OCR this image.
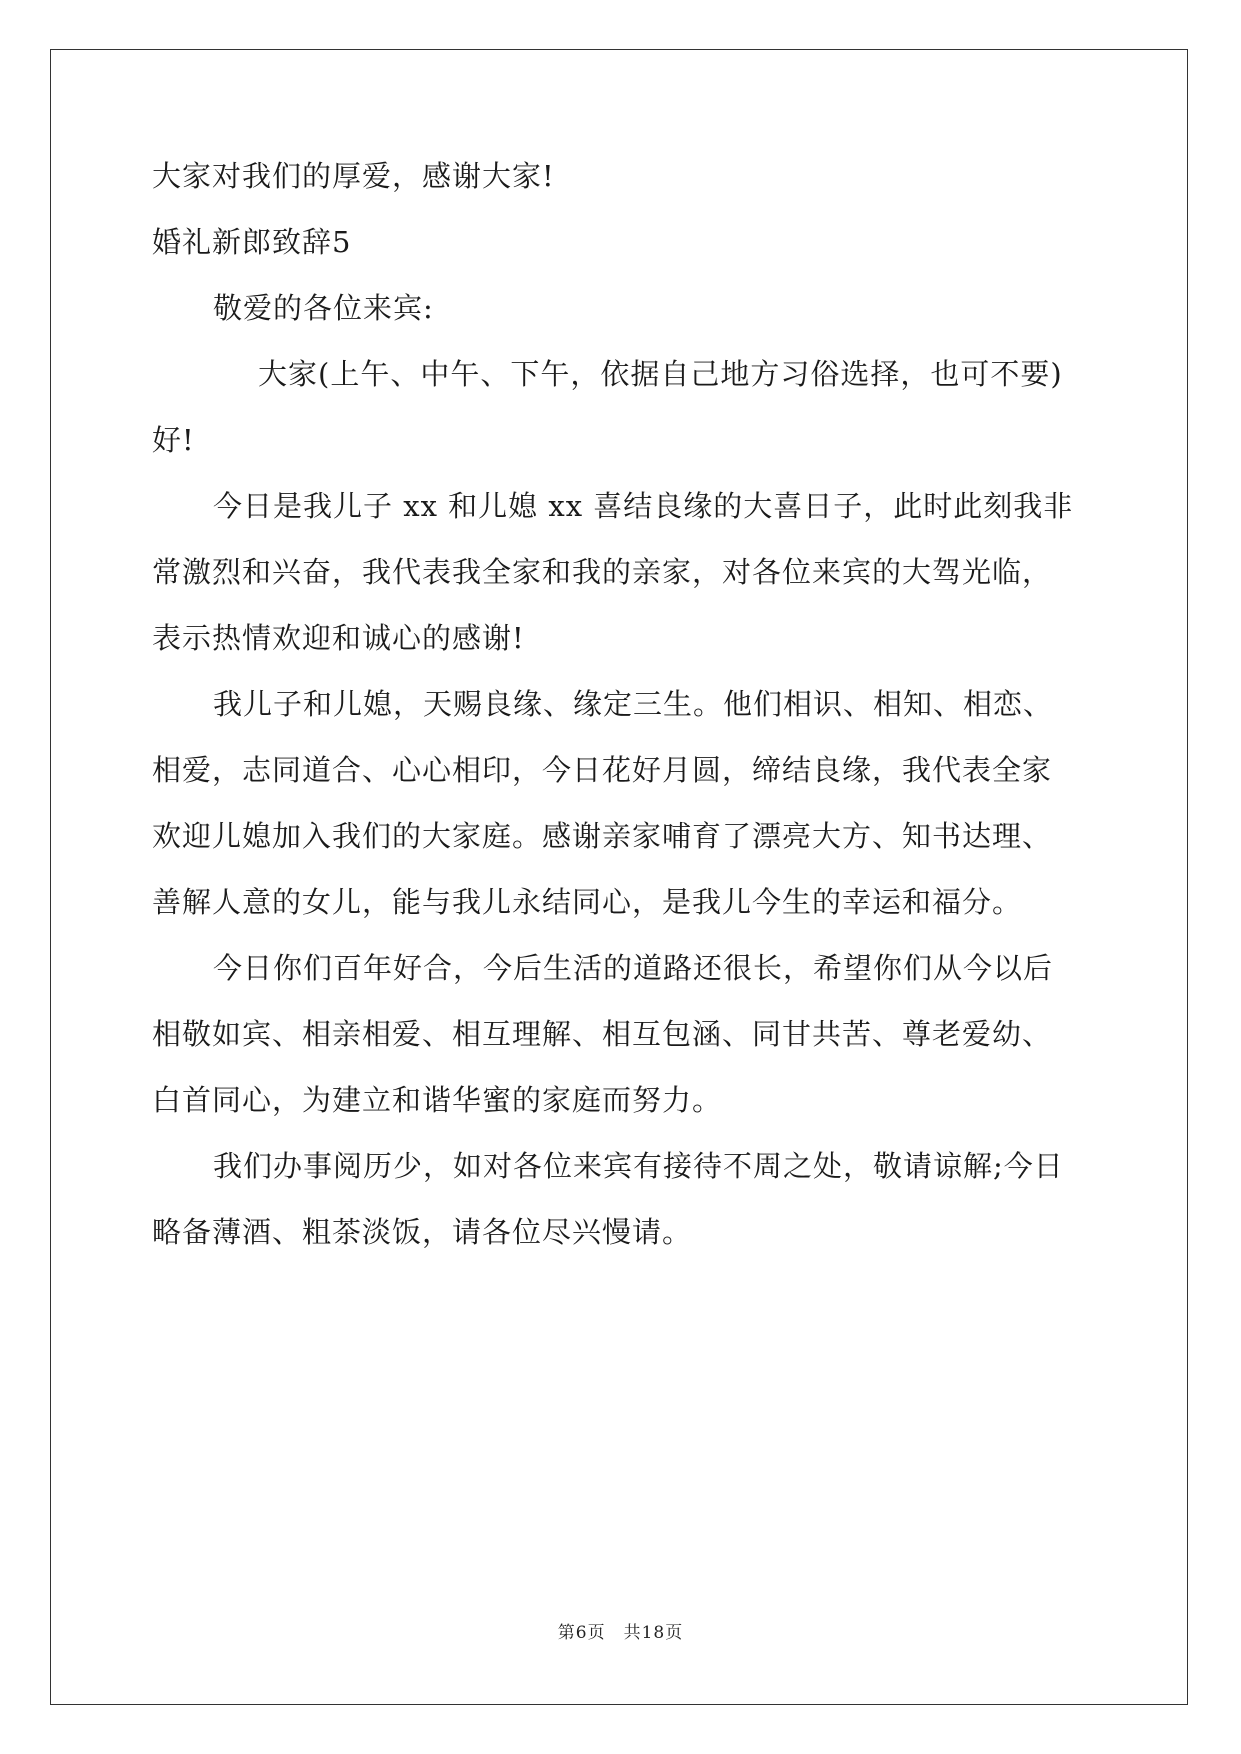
大家对我们的厚爱，感谢大家!
婚礼新郎致辞5
敬爱的各位来宾:
大家(上午、中午、下午，依据自己地方习俗选择，也可不要)
好!
今日是我儿子 xx 和儿媳 xx 喜结良缘的大喜日子，此时此刻我非
常激烈和兴奋，我代表我全家和我的亲家，对各位来宾的大驾光临，
表示热情欢迎和诚心的感谢!
我儿子和儿媳，天赐良缘、缘定三生。他们相识、相知、相恋、
相爱，志同道合、心心相印，今日花好月圆，缔结良缘，我代表全家
欢迎儿媳加入我们的大家庭。感谢亲家哺育了漂亮大方、知书达理、
善解人意的女儿，能与我儿永结同心，是我儿今生的幸运和福分。
今日你们百年好合，今后生活的道路还很长，希望你们从今以后
相敬如宾、相亲相爱、相互理解、相互包涵、同甘共苦、尊老爱幼、
白首同心，为建立和谐华蜜的家庭而努力。
我们办事阅历少，如对各位来宾有接待不周之处，敬请谅解;今日
略备薄酒、粗茶淡饭，请各位尽兴慢请。
第6页　共18页
